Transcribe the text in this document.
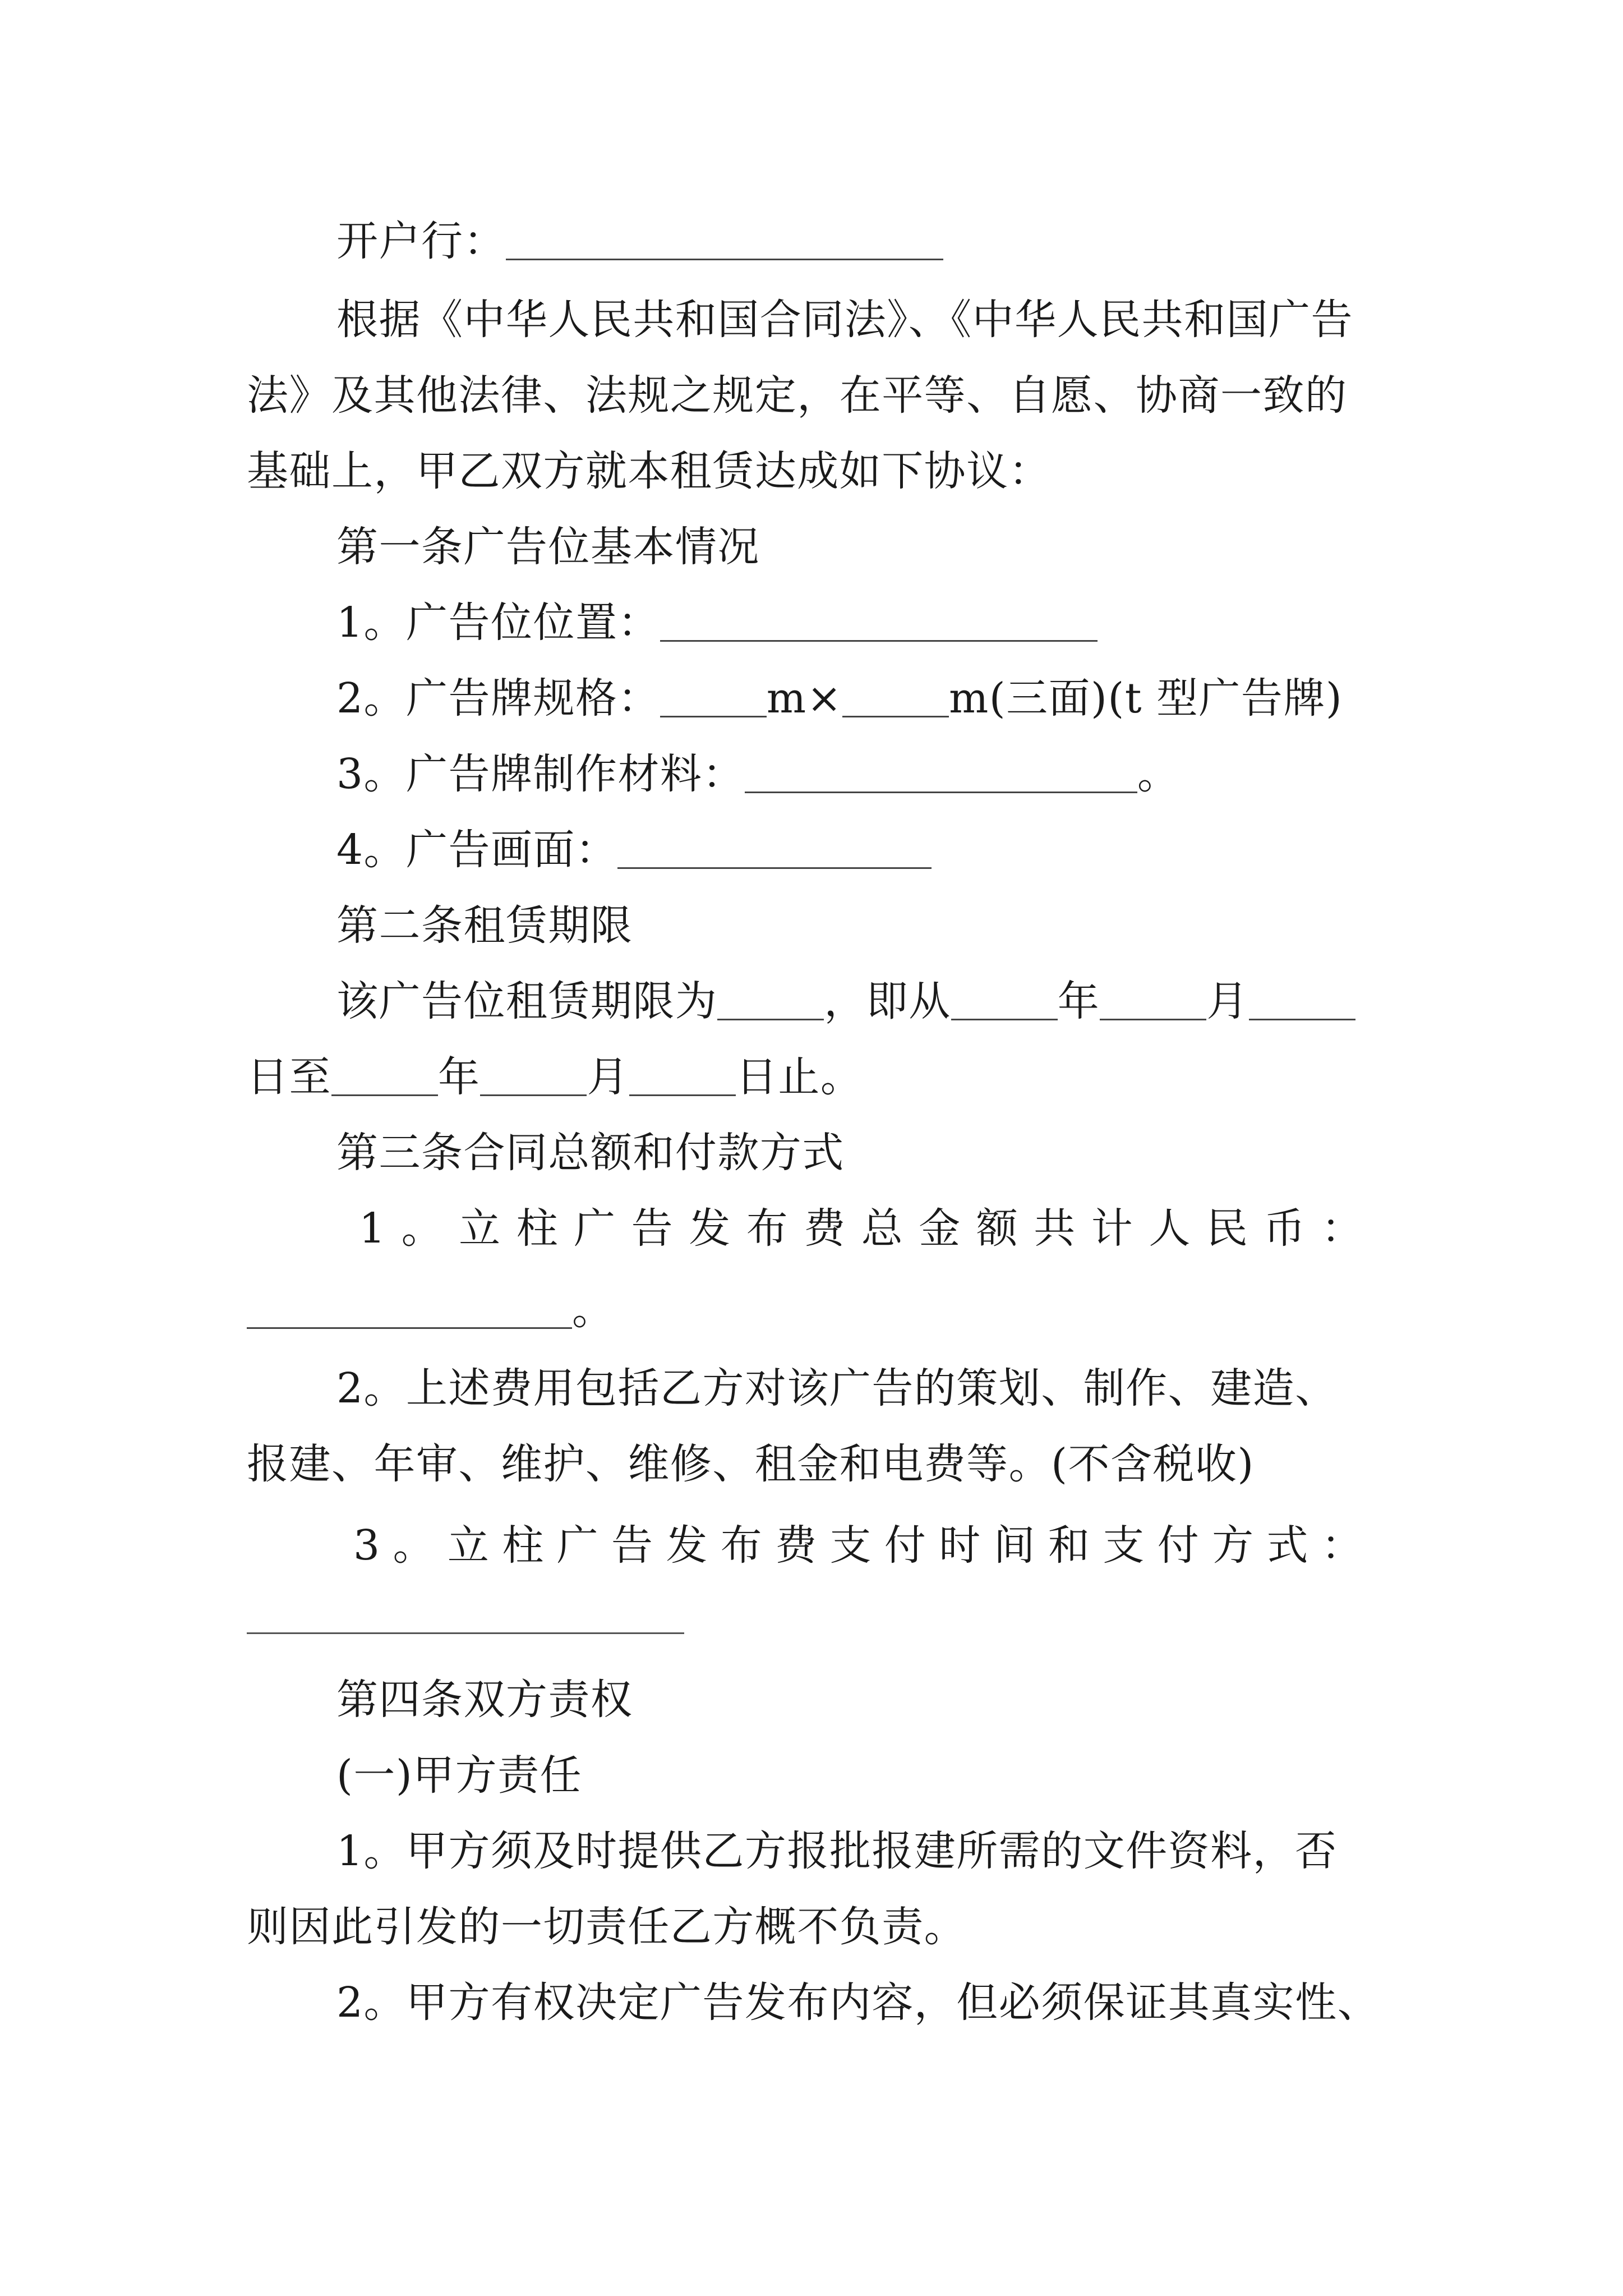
开户行：
根据《中华人民共和国合同法》、《中华人民共和国广告
法》及其他法律、法规之规定，在平等、自愿、协商一致的
基础上，甲乙双方就本租赁达成如下协议：
第一条广告位基本情况
1。广告位位置：
2。广告牌规格：	m×	m(三面)(t 型广告牌)
3。广告牌制作材料：	。
4。广告画面：
第二条租赁期限
该广告位租赁期限为	，即从	年	月
日至	年	月	日止。
第三条合同总额和付款方式
1 。 立 柱 广 告 发 布 费 总 金 额 共 计 人 民 币 ：
。
2。上述费用包括乙方对该广告的策划、制作、建造、
报建、年审、维护、维修、租金和电费等。(不含税收)
3 。 立 柱 广 告 发 布 费 支 付 时 间 和 支 付 方 式 ：
第四条双方责权
(一)甲方责任
1。甲方须及时提供乙方报批报建所需的文件资料，否
则因此引发的一切责任乙方概不负责。
2。甲方有权决定广告发布内容，但必须保证其真实性、
